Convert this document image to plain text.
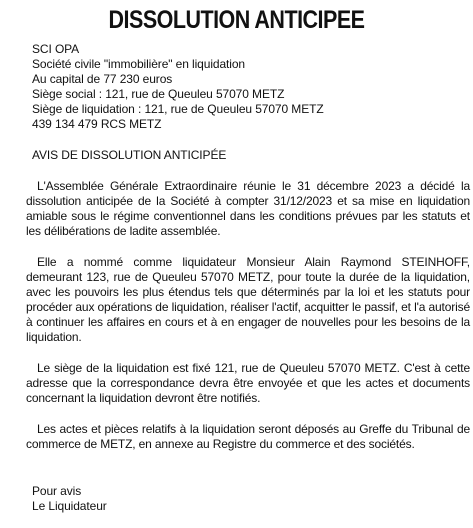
DISSOLUTION ANTICIPEE
SCI OPA
Société civile "immobilière" en liquidation
Au capital de 77 230 euros
Siège social : 121, rue de Queuleu 57070 METZ
Siège de liquidation : 121, rue de Queuleu 57070 METZ
439 134 479 RCS METZ
AVIS DE DISSOLUTION ANTICIPÉE

L'Assemblée Générale Extraordinaire réunie le 31 décembre 2023 a décidé la dissolution anticipée de la Société à compter 31/12/2023 et sa mise en liquidation amiable sous le régime conventionnel dans les conditions prévues par les statuts et les délibérations de ladite assemblée.

Elle a nommé comme liquidateur Monsieur Alain Raymond STEINHOFF, demeurant 123, rue de Queuleu 57070 METZ, pour toute la durée de la liquidation, avec les pouvoirs les plus étendus tels que déterminés par la loi et les statuts pour procéder aux opérations de liquidation, réaliser l'actif, acquitter le passif, et l'a autorisé à continuer les affaires en cours et à en engager de nouvelles pour les besoins de la liquidation.

Le siège de la liquidation est fixé 121, rue de Queuleu 57070 METZ. C'est à cette adresse que la correspondance devra être envoyée et que les actes et documents concernant la liquidation devront être notifiés.

Les actes et pièces relatifs à la liquidation seront déposés au Greffe du Tribunal de commerce de METZ, en annexe au Registre du commerce et des sociétés.

Pour avis
Le Liquidateur
